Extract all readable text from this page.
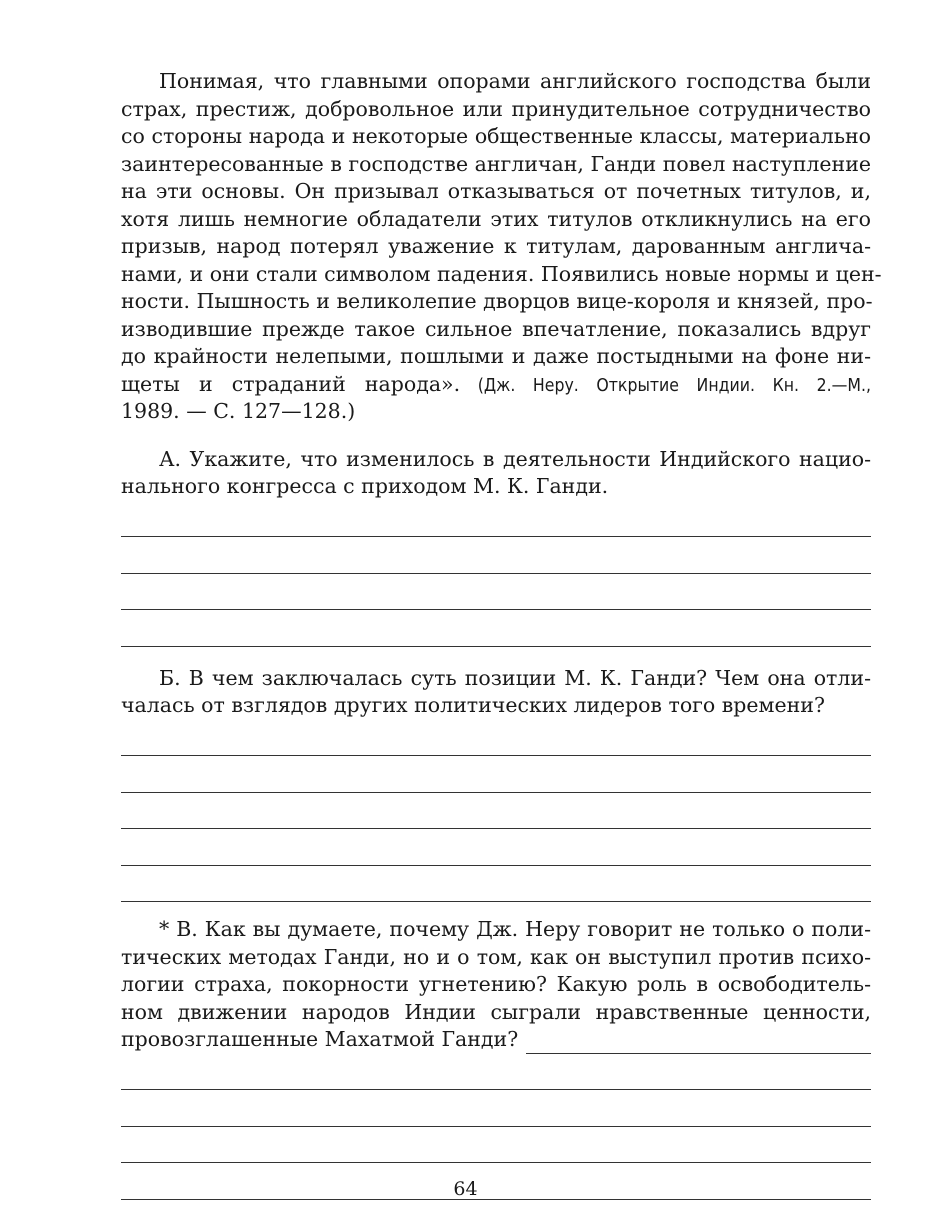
Понимая, что главными опорами английского господства были
страх, престиж, добровольное или принудительное сотрудничество
со стороны народа и некоторые общественные классы, материально
заинтересованные в господстве англичан, Ганди повел наступление
на эти основы. Он призывал отказываться от почетных титулов, и,
хотя лишь немногие обладатели этих титулов откликнулись на его
призыв, народ потерял уважение к титулам, дарованным англича-
нами, и они стали символом падения. Появились новые нормы и цен-
ности. Пышность и великолепие дворцов вице-короля и князей, про-
изводившие прежде такое сильное впечатление, показались вдруг
до крайности нелепыми, пошлыми и даже постыдными на фоне ни-
щеты и страданий народа». (Дж. Неру. Открытие Индии. Кн. 2.—М.,
1989. — С. 127—128.)
А. Укажите, что изменилось в деятельности Индийского нацио-
нального конгресса с приходом М. К. Ганди.
Б. В чем заключалась суть позиции М. К. Ганди? Чем она отли-
чалась от взглядов других политических лидеров того времени?
* В. Как вы думаете, почему Дж. Неру говорит не только о поли-
тических методах Ганди, но и о том, как он выступил против психо-
логии страха, покорности угнетению? Какую роль в освободитель-
ном движении народов Индии сыграли нравственные ценности,
провозглашенные Махатмой Ганди?
64
